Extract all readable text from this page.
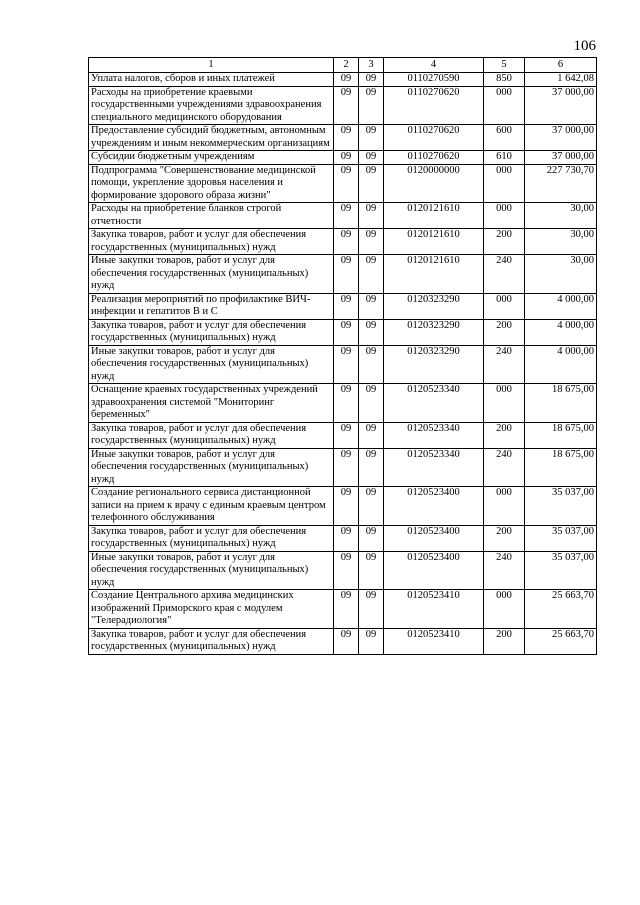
106
1	2	3	4	5	6
Уплата налогов, сборов и иных платежей	09	09	0110270590	850	1 642,08
Расходы на приобретение краевыми государственными учреждениями здравоохранения специального медицинского оборудования	09	09	0110270620	000	37 000,00
Предоставление субсидий бюджетным, автономным учреждениям и иным некоммерческим организациям	09	09	0110270620	600	37 000,00
Субсидии бюджетным учреждениям	09	09	0110270620	610	37 000,00
Подпрограмма "Совершенствование медицинской помощи, укрепление здоровья населения и формирование здорового образа жизни"	09	09	0120000000	000	227 730,70
Расходы на приобретение бланков строгой отчетности	09	09	0120121610	000	30,00
Закупка товаров, работ и услуг для обеспечения государственных (муниципальных) нужд	09	09	0120121610	200	30,00
Иные закупки товаров, работ и услуг для обеспечения государственных (муниципальных) нужд	09	09	0120121610	240	30,00
Реализация мероприятий по профилактике ВИЧ-инфекции и гепатитов В и С	09	09	0120323290	000	4 000,00
Закупка товаров, работ и услуг для обеспечения государственных (муниципальных) нужд	09	09	0120323290	200	4 000,00
Иные закупки товаров, работ и услуг для обеспечения государственных (муниципальных) нужд	09	09	0120323290	240	4 000,00
Оснащение краевых государственных учреждений здравоохранения системой "Мониторинг беременных"	09	09	0120523340	000	18 675,00
Закупка товаров, работ и услуг для обеспечения государственных (муниципальных) нужд	09	09	0120523340	200	18 675,00
Иные закупки товаров, работ и услуг для обеспечения государственных (муниципальных) нужд	09	09	0120523340	240	18 675,00
Создание регионального сервиса дистанционной записи на прием к врачу с единым краевым центром телефонного обслуживания	09	09	0120523400	000	35 037,00
Закупка товаров, работ и услуг для обеспечения государственных (муниципальных) нужд	09	09	0120523400	200	35 037,00
Иные закупки товаров, работ и услуг для обеспечения государственных (муниципальных) нужд	09	09	0120523400	240	35 037,00
Создание Центрального архива медицинских изображений Приморского края с модулем "Телерадиология"	09	09	0120523410	000	25 663,70
Закупка товаров, работ и услуг для обеспечения государственных (муниципальных) нужд	09	09	0120523410	200	25 663,70
